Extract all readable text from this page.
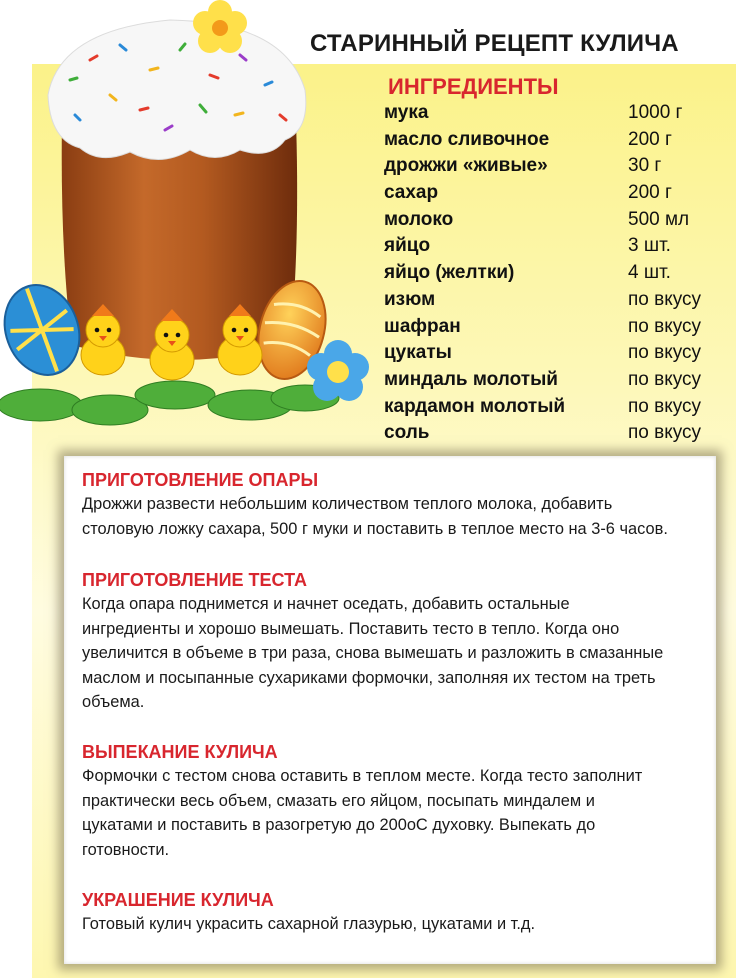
СТАРИННЫЙ РЕЦЕПТ КУЛИЧА
ИНГРЕДИЕНТЫ
мука	1000 г
масло сливочное	200 г
дрожжи «живые»	30 г
сахар	200 г
молоко	500 мл
яйцо	3 шт.
яйцо (желтки)	4 шт.
изюм	по вкусу
шафран	по вкусу
цукаты	по вкусу
миндаль молотый	по вкусу
кардамон молотый	по вкусу
соль	по вкусу
ПРИГОТОВЛЕНИЕ ОПАРЫ
Дрожжи развести небольшим количеством теплого молока, добавить
столовую ложку сахара, 500 г муки и поставить в теплое место на 3-6 часов.
ПРИГОТОВЛЕНИЕ ТЕСТА
Когда опара поднимется и начнет оседать, добавить остальные
ингредиенты и хорошо вымешать. Поставить тесто в тепло. Когда оно
увеличится в объеме в три раза, снова вымешать и разложить в смазанные
маслом и посыпанные сухариками формочки, заполняя их тестом на треть
объема.
ВЫПЕКАНИЕ КУЛИЧА
Формочки с тестом снова оставить в теплом месте. Когда тесто заполнит
практически весь объем, смазать его яйцом, посыпать миндалем и
цукатами и поставить в разогретую до 200оС духовку. Выпекать до
готовности.
УКРАШЕНИЕ КУЛИЧА
Готовый кулич украсить сахарной глазурью, цукатами и т.д.
